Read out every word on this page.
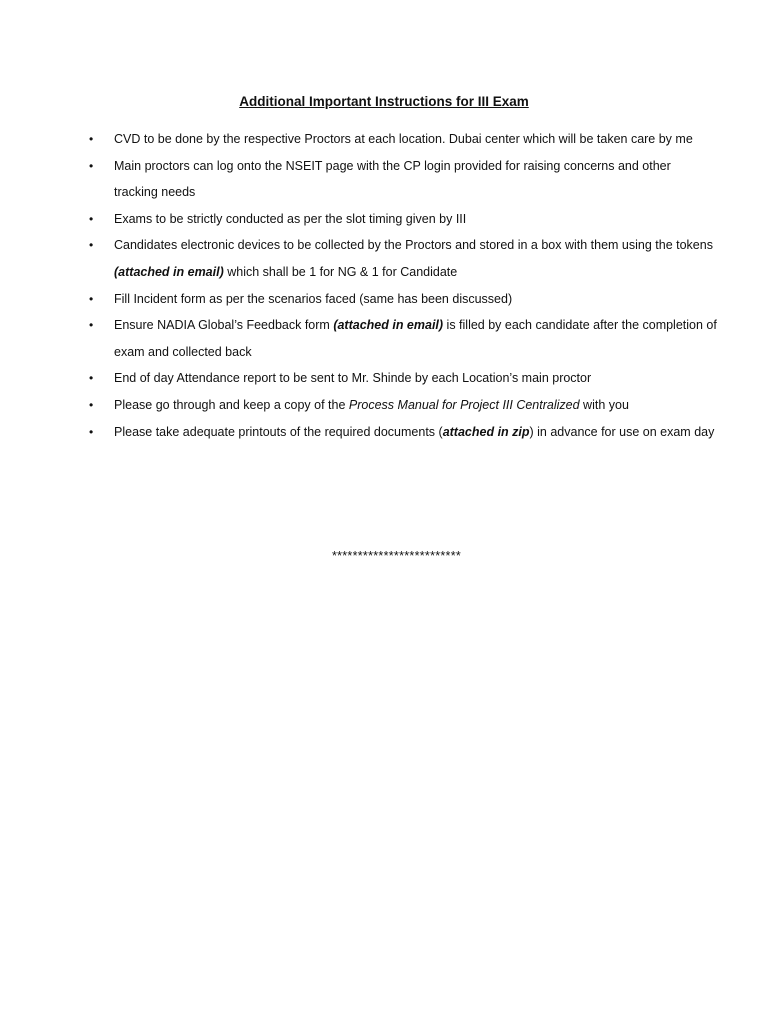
Additional Important Instructions for III Exam
• CVD to be done by the respective Proctors at each location. Dubai center which will be taken care by me
• Main proctors can log onto the NSEIT page with the CP login provided for raising concerns and other tracking needs
• Exams to be strictly conducted as per the slot timing given by III
• Candidates electronic devices to be collected by the Proctors and stored in a box with them using the tokens (attached in email) which shall be 1 for NG & 1 for Candidate
• Fill Incident form as per the scenarios faced (same has been discussed)
• Ensure NADIA Global’s Feedback form (attached in email) is filled by each candidate after the completion of exam and collected back
• End of day Attendance report to be sent to Mr. Shinde by each Location’s main proctor
• Please go through and keep a copy of the Process Manual for Project III Centralized with you
• Please take adequate printouts of the required documents (attached in zip) in advance for use on exam day
*************************
